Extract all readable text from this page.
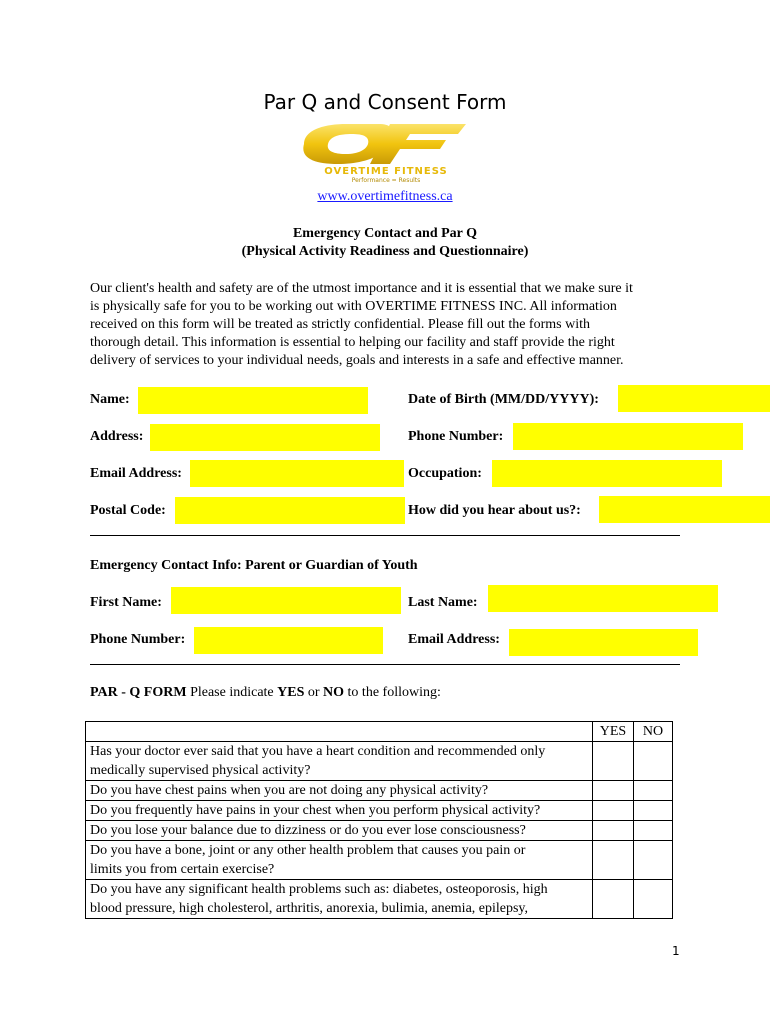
Par Q and Consent Form
OVERTIME FITNESS
Performance = Results
www.overtimefitness.ca
Emergency Contact and Par Q
(Physical Activity Readiness and Questionnaire)
Our client's health and safety are of the utmost importance and it is essential that we make sure it
is physically safe for you to be working out with OVERTIME FITNESS INC. All information
received on this form will be treated as strictly confidential. Please fill out the forms with
thorough detail. This information is essential to helping our facility and staff provide the right
delivery of services to your individual needs, goals and interests in a safe and effective manner.
Name:	Date of Birth (MM/DD/YYYY):
Address:	Phone Number:
Email Address:	Occupation:
Postal Code:	How did you hear about us?:
Emergency Contact Info: Parent or Guardian of Youth
First Name:	Last Name:
Phone Number:	Email Address:
PAR - Q FORM Please indicate YES or NO to the following:
	YES	NO

Has your doctor ever said that you have a heart condition and recommended only
medically supervised physical activity?		

Do you have chest pains when you are not doing any physical activity?		

Do you frequently have pains in your chest when you perform physical activity?		

Do you lose your balance due to dizziness or do you ever lose consciousness?		

Do you have a bone, joint or any other health problem that causes you pain or
limits you from certain exercise?		

Do you have any significant health problems such as: diabetes, osteoporosis, high
blood pressure, high cholesterol, arthritis, anorexia, bulimia, anemia, epilepsy,		

1
